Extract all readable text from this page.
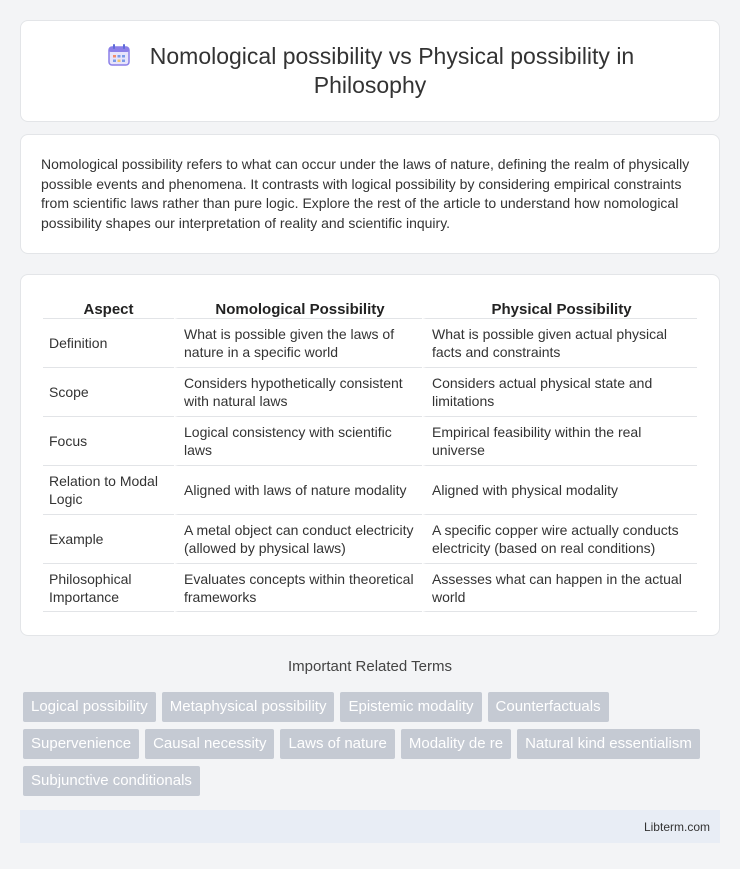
Nomological possibility vs Physical possibility in Philosophy

Nomological possibility refers to what can occur under the laws of nature, defining the realm of physically possible events and phenomena. It contrasts with logical possibility by considering empirical constraints from scientific laws rather than pure logic. Explore the rest of the article to understand how nomological possibility shapes our interpretation of reality and scientific inquiry.

Aspect	Nomological Possibility	Physical Possibility
Definition	What is possible given the laws of nature in a specific world	What is possible given actual physical facts and constraints
Scope	Considers hypothetically consistent with natural laws	Considers actual physical state and limitations
Focus	Logical consistency with scientific laws	Empirical feasibility within the real universe
Relation to Modal Logic	Aligned with laws of nature modality	Aligned with physical modality
Example	A metal object can conduct electricity (allowed by physical laws)	A specific copper wire actually conducts electricity (based on real conditions)
Philosophical Importance	Evaluates concepts within theoretical frameworks	Assesses what can happen in the actual world
Important Related Terms
Logical possibility	Metaphysical possibility	Epistemic modality	Counterfactuals
Supervenience	Causal necessity	Laws of nature	Modality de re	Natural kind essentialism
Subjunctive conditionals
Libterm.com
